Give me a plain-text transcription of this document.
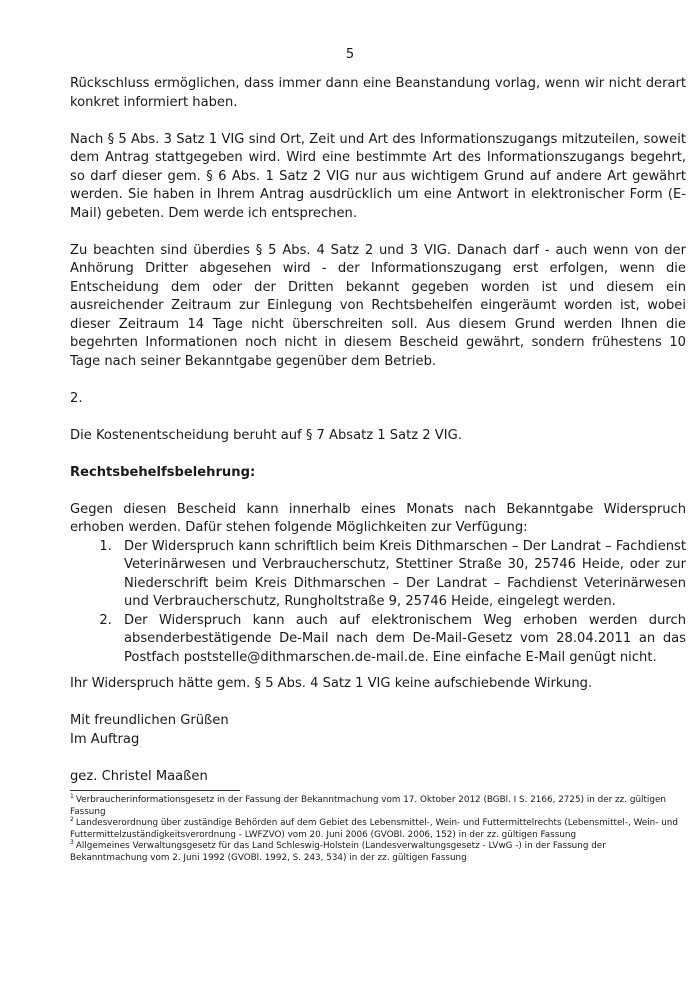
5

Rückschluss ermöglichen, dass immer dann eine Beanstandung vorlag, wenn wir nicht derart konkret informiert haben.

Nach § 5 Abs. 3 Satz 1 VIG sind Ort, Zeit und Art des Informationszugangs mitzuteilen, soweit dem Antrag stattgegeben wird. Wird eine bestimmte Art des Informationszugangs begehrt, so darf dieser gem. § 6 Abs. 1 Satz 2 VIG nur aus wichtigem Grund auf andere Art gewährt werden. Sie haben in Ihrem Antrag ausdrücklich um eine Antwort in elektronischer Form (E-Mail) gebeten. Dem werde ich entsprechen.

Zu beachten sind überdies § 5 Abs. 4 Satz 2 und 3 VIG. Danach darf - auch wenn von der Anhörung Dritter abgesehen wird - der Informationszugang erst erfolgen, wenn die Entscheidung dem oder der Dritten bekannt gegeben worden ist und diesem ein ausreichender Zeitraum zur Einlegung von Rechtsbehelfen eingeräumt worden ist, wobei dieser Zeitraum 14 Tage nicht überschreiten soll. Aus diesem Grund werden Ihnen die begehrten Informationen noch nicht in diesem Bescheid gewährt, sondern frühestens 10 Tage nach seiner Bekanntgabe gegenüber dem Betrieb.

2.

Die Kostenentscheidung beruht auf § 7 Absatz 1 Satz 2 VIG.

Rechtsbehelfsbelehrung:

Gegen diesen Bescheid kann innerhalb eines Monats nach Bekanntgabe Widerspruch erhoben werden. Dafür stehen folgende Möglichkeiten zur Verfügung:

1. Der Widerspruch kann schriftlich beim Kreis Dithmarschen – Der Landrat – Fachdienst Veterinärwesen und Verbraucherschutz, Stettiner Straße 30, 25746 Heide, oder zur Niederschrift beim Kreis Dithmarschen – Der Landrat – Fachdienst Veterinärwesen und Verbraucherschutz, Rungholtstraße 9, 25746 Heide, eingelegt werden.
2. Der Widerspruch kann auch auf elektronischem Weg erhoben werden durch absenderbestätigende De-Mail nach dem De-Mail-Gesetz vom 28.04.2011 an das Postfach poststelle@dithmarschen.de-mail.de. Eine einfache E-Mail genügt nicht.

Ihr Widerspruch hätte gem. § 5 Abs. 4 Satz 1 VIG keine aufschiebende Wirkung.

Mit freundlichen Grüßen

Im Auftrag

gez. Christel Maaßen

$^1$ Verbraucherinformationsgesetz in der Fassung der Bekanntmachung vom 17. Oktober 2012 (BGBl. I S. 2166, 2725) in der zz. gültigen Fassung

$^2$ Landesverordnung über zuständige Behörden auf dem Gebiet des Lebensmittel-, Wein- und Futtermittelrechts (Lebensmittel-, Wein- und Futtermittelzuständigkeitsverordnung - LWFZVO) vom 20. Juni 2006 (GVOBl. 2006, 152) in der zz. gültigen Fassung

$^3$ Allgemeines Verwaltungsgesetz für das Land Schleswig-Holstein (Landesverwaltungsgesetz - LVwG -) in der Fassung der Bekanntmachung vom 2. Juni 1992 (GVOBl. 1992, S. 243, 534) in der zz. gültigen Fassung
